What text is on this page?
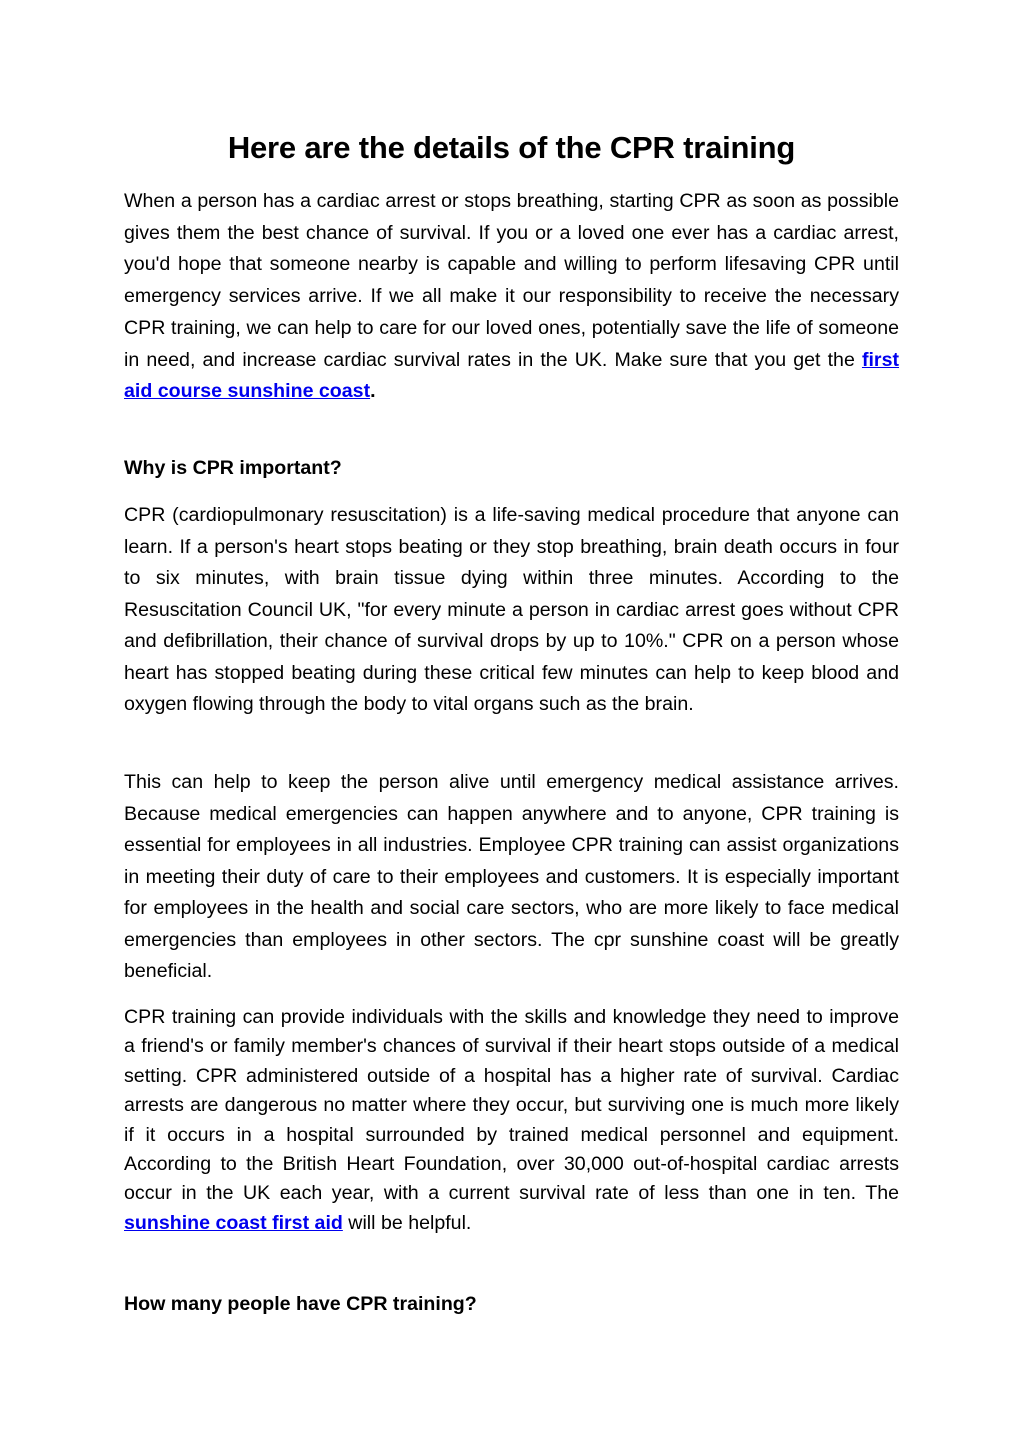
Here are the details of the CPR training

When a person has a cardiac arrest or stops breathing, starting CPR as soon as possible gives them the best chance of survival. If you or a loved one ever has a cardiac arrest, you'd hope that someone nearby is capable and willing to perform lifesaving CPR until emergency services arrive. If we all make it our responsibility to receive the necessary CPR training, we can help to care for our loved ones, potentially save the life of someone in need, and increase cardiac survival rates in the UK. Make sure that you get the first aid course sunshine coast.

Why is CPR important?

CPR (cardiopulmonary resuscitation) is a life-saving medical procedure that anyone can learn. If a person's heart stops beating or they stop breathing, brain death occurs in four to six minutes, with brain tissue dying within three minutes. According to the Resuscitation Council UK, "for every minute a person in cardiac arrest goes without CPR and defibrillation, their chance of survival drops by up to 10%." CPR on a person whose heart has stopped beating during these critical few minutes can help to keep blood and oxygen flowing through the body to vital organs such as the brain.

This can help to keep the person alive until emergency medical assistance arrives. Because medical emergencies can happen anywhere and to anyone, CPR training is essential for employees in all industries. Employee CPR training can assist organizations in meeting their duty of care to their employees and customers. It is especially important for employees in the health and social care sectors, who are more likely to face medical emergencies than employees in other sectors. The cpr sunshine coast will be greatly beneficial.

CPR training can provide individuals with the skills and knowledge they need to improve a friend's or family member's chances of survival if their heart stops outside of a medical setting. CPR administered outside of a hospital has a higher rate of survival. Cardiac arrests are dangerous no matter where they occur, but surviving one is much more likely if it occurs in a hospital surrounded by trained medical personnel and equipment. According to the British Heart Foundation, over 30,000 out-of-hospital cardiac arrests occur in the UK each year, with a current survival rate of less than one in ten. The sunshine coast first aid will be helpful.

How many people have CPR training?
